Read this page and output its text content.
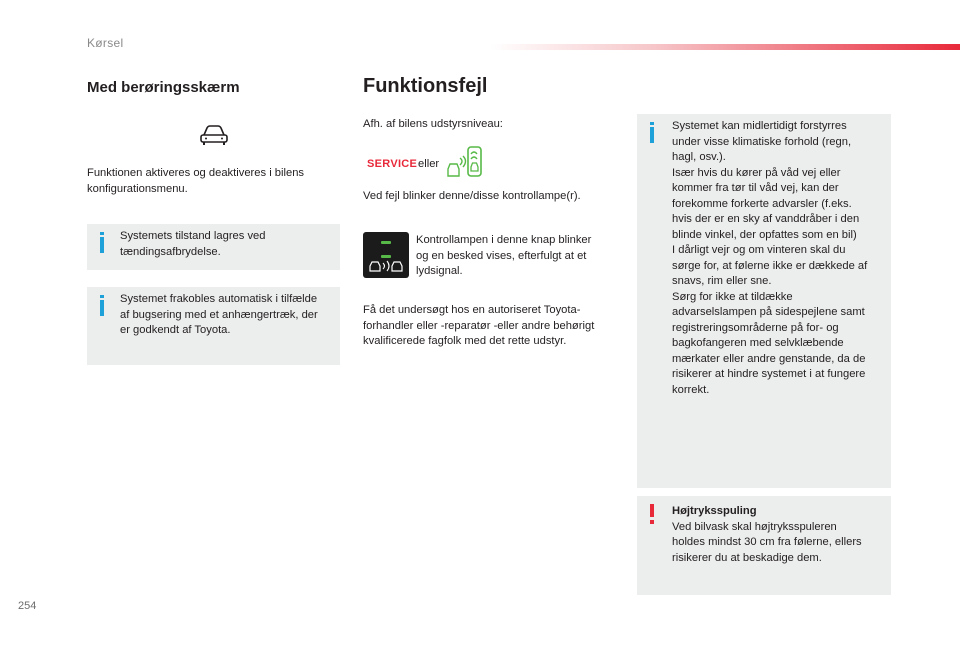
Kørsel
254
Med berøringsskærm
Funktionen aktiveres og deaktiveres i bilens konfigurationsmenu.
Systemets tilstand lagres ved
tændingsafbrydelse.
Systemet frakobles automatisk i tilfælde
af bugsering med et anhængertræk, der
er godkendt af Toyota.
Funktionsfejl
Afh. af bilens udstyrsniveau:
SERVICE eller
Ved fejl blinker denne/disse kontrollampe(r).
Kontrollampen i denne knap blinker
og en besked vises, efterfulgt at et
lydsignal.
Få det undersøgt hos en autoriseret Toyota-
forhandler eller -reparatør -eller andre behørigt
kvalificerede fagfolk med det rette udstyr.
Systemet kan midlertidigt forstyrres
under visse klimatiske forhold (regn,
hagl, osv.).
Især hvis du kører på våd vej eller
kommer fra tør til våd vej, kan der
forekomme forkerte advarsler (f.eks.
hvis der er en sky af vanddråber i den
blinde vinkel, der opfattes som en bil)
I dårligt vejr og om vinteren skal du
sørge for, at følerne ikke er dækkede af
snavs, rim eller sne.
Sørg for ikke at tildække
advarselslampen på sidespejlene samt
registreringsområderne på for- og
bagkofangeren med selvklæbende
mærkater eller andre genstande, da de
risikerer at hindre systemet i at fungere
korrekt.
Højtryksspuling
Ved bilvask skal højtryksspuleren
holdes mindst 30 cm fra følerne, ellers
risikerer du at beskadige dem.
